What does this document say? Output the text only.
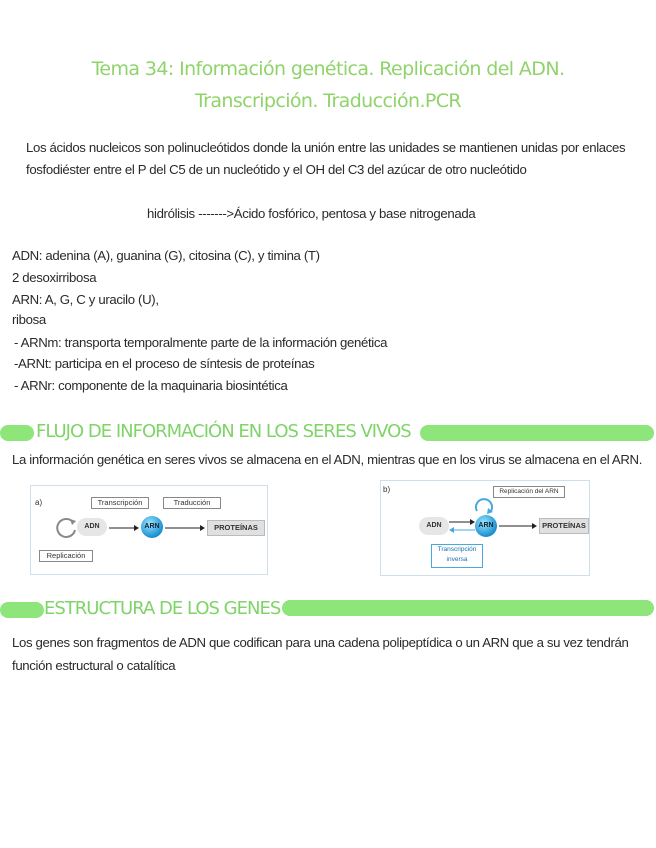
Tema 34: Información genética. Replicación del ADN.
Transcripción. Traducción.PCR
Los ácidos nucleicos son polinucleótidos donde la unión entre las unidades se mantienen unidas por enlaces
fosfodiéster entre el P del C5 de un nucleótido y el OH del C3 del azúcar de otro nucleótido
hidrólisis ------->Ácido fosfórico, pentosa y base nitrogenada
ADN: adenina (A), guanina (G), citosina (C), y timina (T)
2 desoxirribosa
ARN: A, G, C y uracilo (U),
ribosa
- ARNm: transporta temporalmente parte de la información genética
-ARNt: participa en el proceso de síntesis de proteínas
- ARNr: componente de la maquinaria biosintética
FLUJO DE INFORMACIÓN EN LOS SERES VIVOS
La información genética en seres vivos se almacena en el ADN, mientras que en los virus se almacena en el ARN.
a)	Transcripción	Traducción
ADN	ARN	PROTEÍNAS
Replicación
b)	Replicación del ARN
ADN	ARN	PROTEÍNAS
Transcripción
inversa
ESTRUCTURA DE LOS GENES
Los genes son fragmentos de ADN que codifican para una cadena polipeptídica o un ARN que a su vez tendrán
función estructural o catalítica
